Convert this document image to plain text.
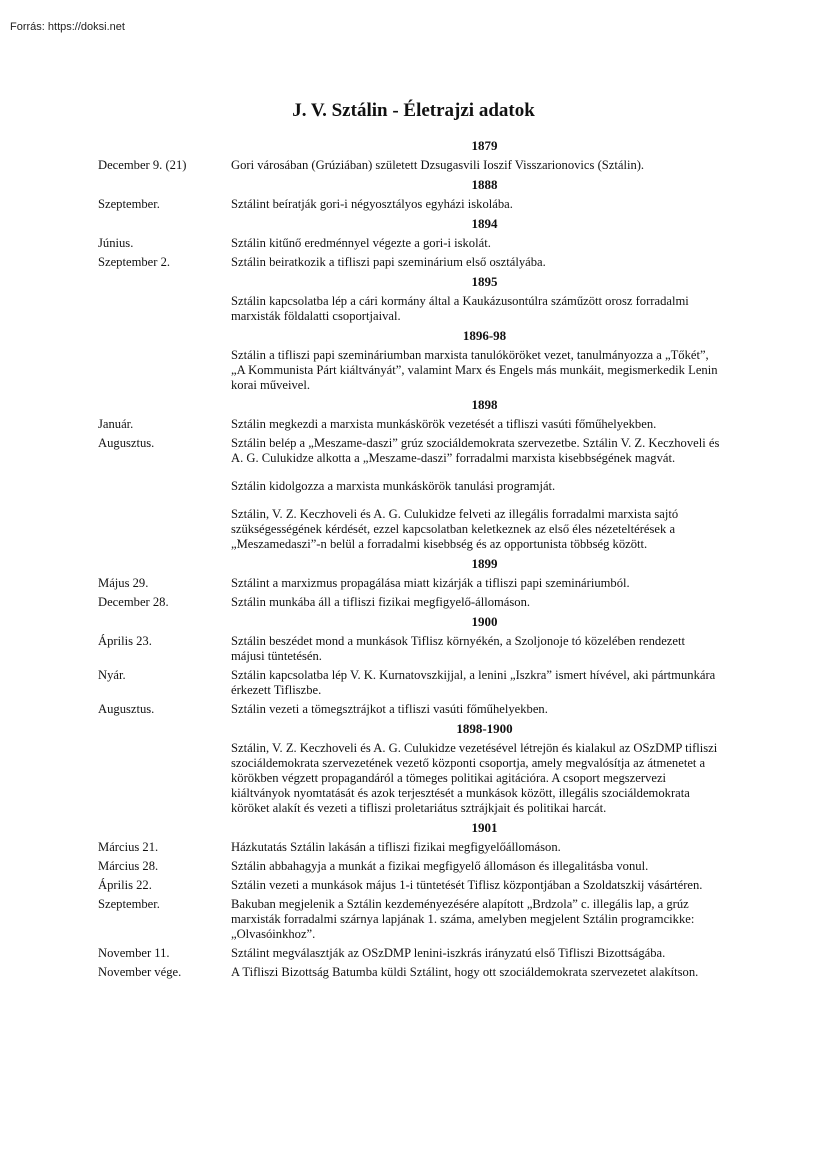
Forrás: https://doksi.net
J. V. Sztálin - Életrajzi adatok
1879
December 9. (21)	Gori városában (Grúziában) született Dzsugasvili Ioszif Visszarionovics (Sztálin).
1888
Szeptember.	Sztálint beíratják gori-i négyosztályos egyházi iskolába.
1894
Június.	Sztálin kitűnő eredménnyel végezte a gori-i iskolát.
Szeptember 2.	Sztálin beiratkozik a tifliszi papi szeminárium első osztályába.
1895
Sztálin kapcsolatba lép a cári kormány által a Kaukázusontúlra száműzött orosz forradalmi marxisták földalatti csoportjaival.
1896-98
Sztálin a tifliszi papi szemináriumban marxista tanulóköröket vezet, tanulmányozza a „Tőkét”, „A Kommunista Párt kiáltványát”, valamint Marx és Engels más munkáit, megismerkedik Lenin korai műveivel.
1898
Január.	Sztálin megkezdi a marxista munkáskörök vezetését a tifliszi vasúti főműhelyekben.
Augusztus.	Sztálin belép a „Meszame-daszi” grúz szociáldemokrata szervezetbe. Sztálin V. Z. Keczhoveli és A. G. Culukidze alkotta a „Meszame-daszi” forradalmi marxista kisebbségének magvát.
Sztálin kidolgozza a marxista munkáskörök tanulási programját.
Sztálin, V. Z. Keczhoveli és A. G. Culukidze felveti az illegális forradalmi marxista sajtó szükségességének kérdését, ezzel kapcsolatban keletkeznek az első éles nézeteltérések a „Meszamedaszi”-n belül a forradalmi kisebbség és az opportunista többség között.
1899
Május 29.	Sztálint a marxizmus propagálása miatt kizárják a tifliszi papi szemináriumból.
December 28.	Sztálin munkába áll a tifliszi fizikai megfigyelő-állomáson.
1900
Április 23.	Sztálin beszédet mond a munkások Tiflisz környékén, a Szoljonoje tó közelében rendezett májusi tüntetésén.
Nyár.	Sztálin kapcsolatba lép V. K. Kurnatovszkijjal, a lenini „Iszkra” ismert hívével, aki pártmunkára érkezett Tifliszbe.
Augusztus.	Sztálin vezeti a tömegsztrájkot a tifliszi vasúti főműhelyekben.
1898-1900
Sztálin, V. Z. Keczhoveli és A. G. Culukidze vezetésével létrejön és kialakul az OSzDMP tifliszi szociáldemokrata szervezetének vezető központi csoportja, amely megvalósítja az átmenetet a körökben végzett propagandáról a tömeges politikai agitációra. A csoport megszervezi kiáltványok nyomtatását és azok terjesztését a munkások között, illegális szociáldemokrata köröket alakít és vezeti a tifliszi proletariátus sztrájkjait és politikai harcát.
1901
Március 21.	Házkutatás Sztálin lakásán a tifliszi fizikai megfigyelőállomáson.
Március 28.	Sztálin abbahagyja a munkát a fizikai megfigyelő állomáson és illegalitásba vonul.
Április 22.	Sztálin vezeti a munkások május 1-i tüntetését Tiflisz központjában a Szoldatszkij vásártéren.
Szeptember.	Bakuban megjelenik a Sztálin kezdeményezésére alapított „Brdzola” c. illegális lap, a grúz marxisták forradalmi szárnya lapjának 1. száma, amelyben megjelent Sztálin programcikke: „Olvasóinkhoz”.
November 11.	Sztálint megválasztják az OSzDMP lenini-iszkrás irányzatú első Tifliszi Bizottságába.
November vége.	A Tifliszi Bizottság Batumba küldi Sztálint, hogy ott szociáldemokrata szervezetet alakítson.
